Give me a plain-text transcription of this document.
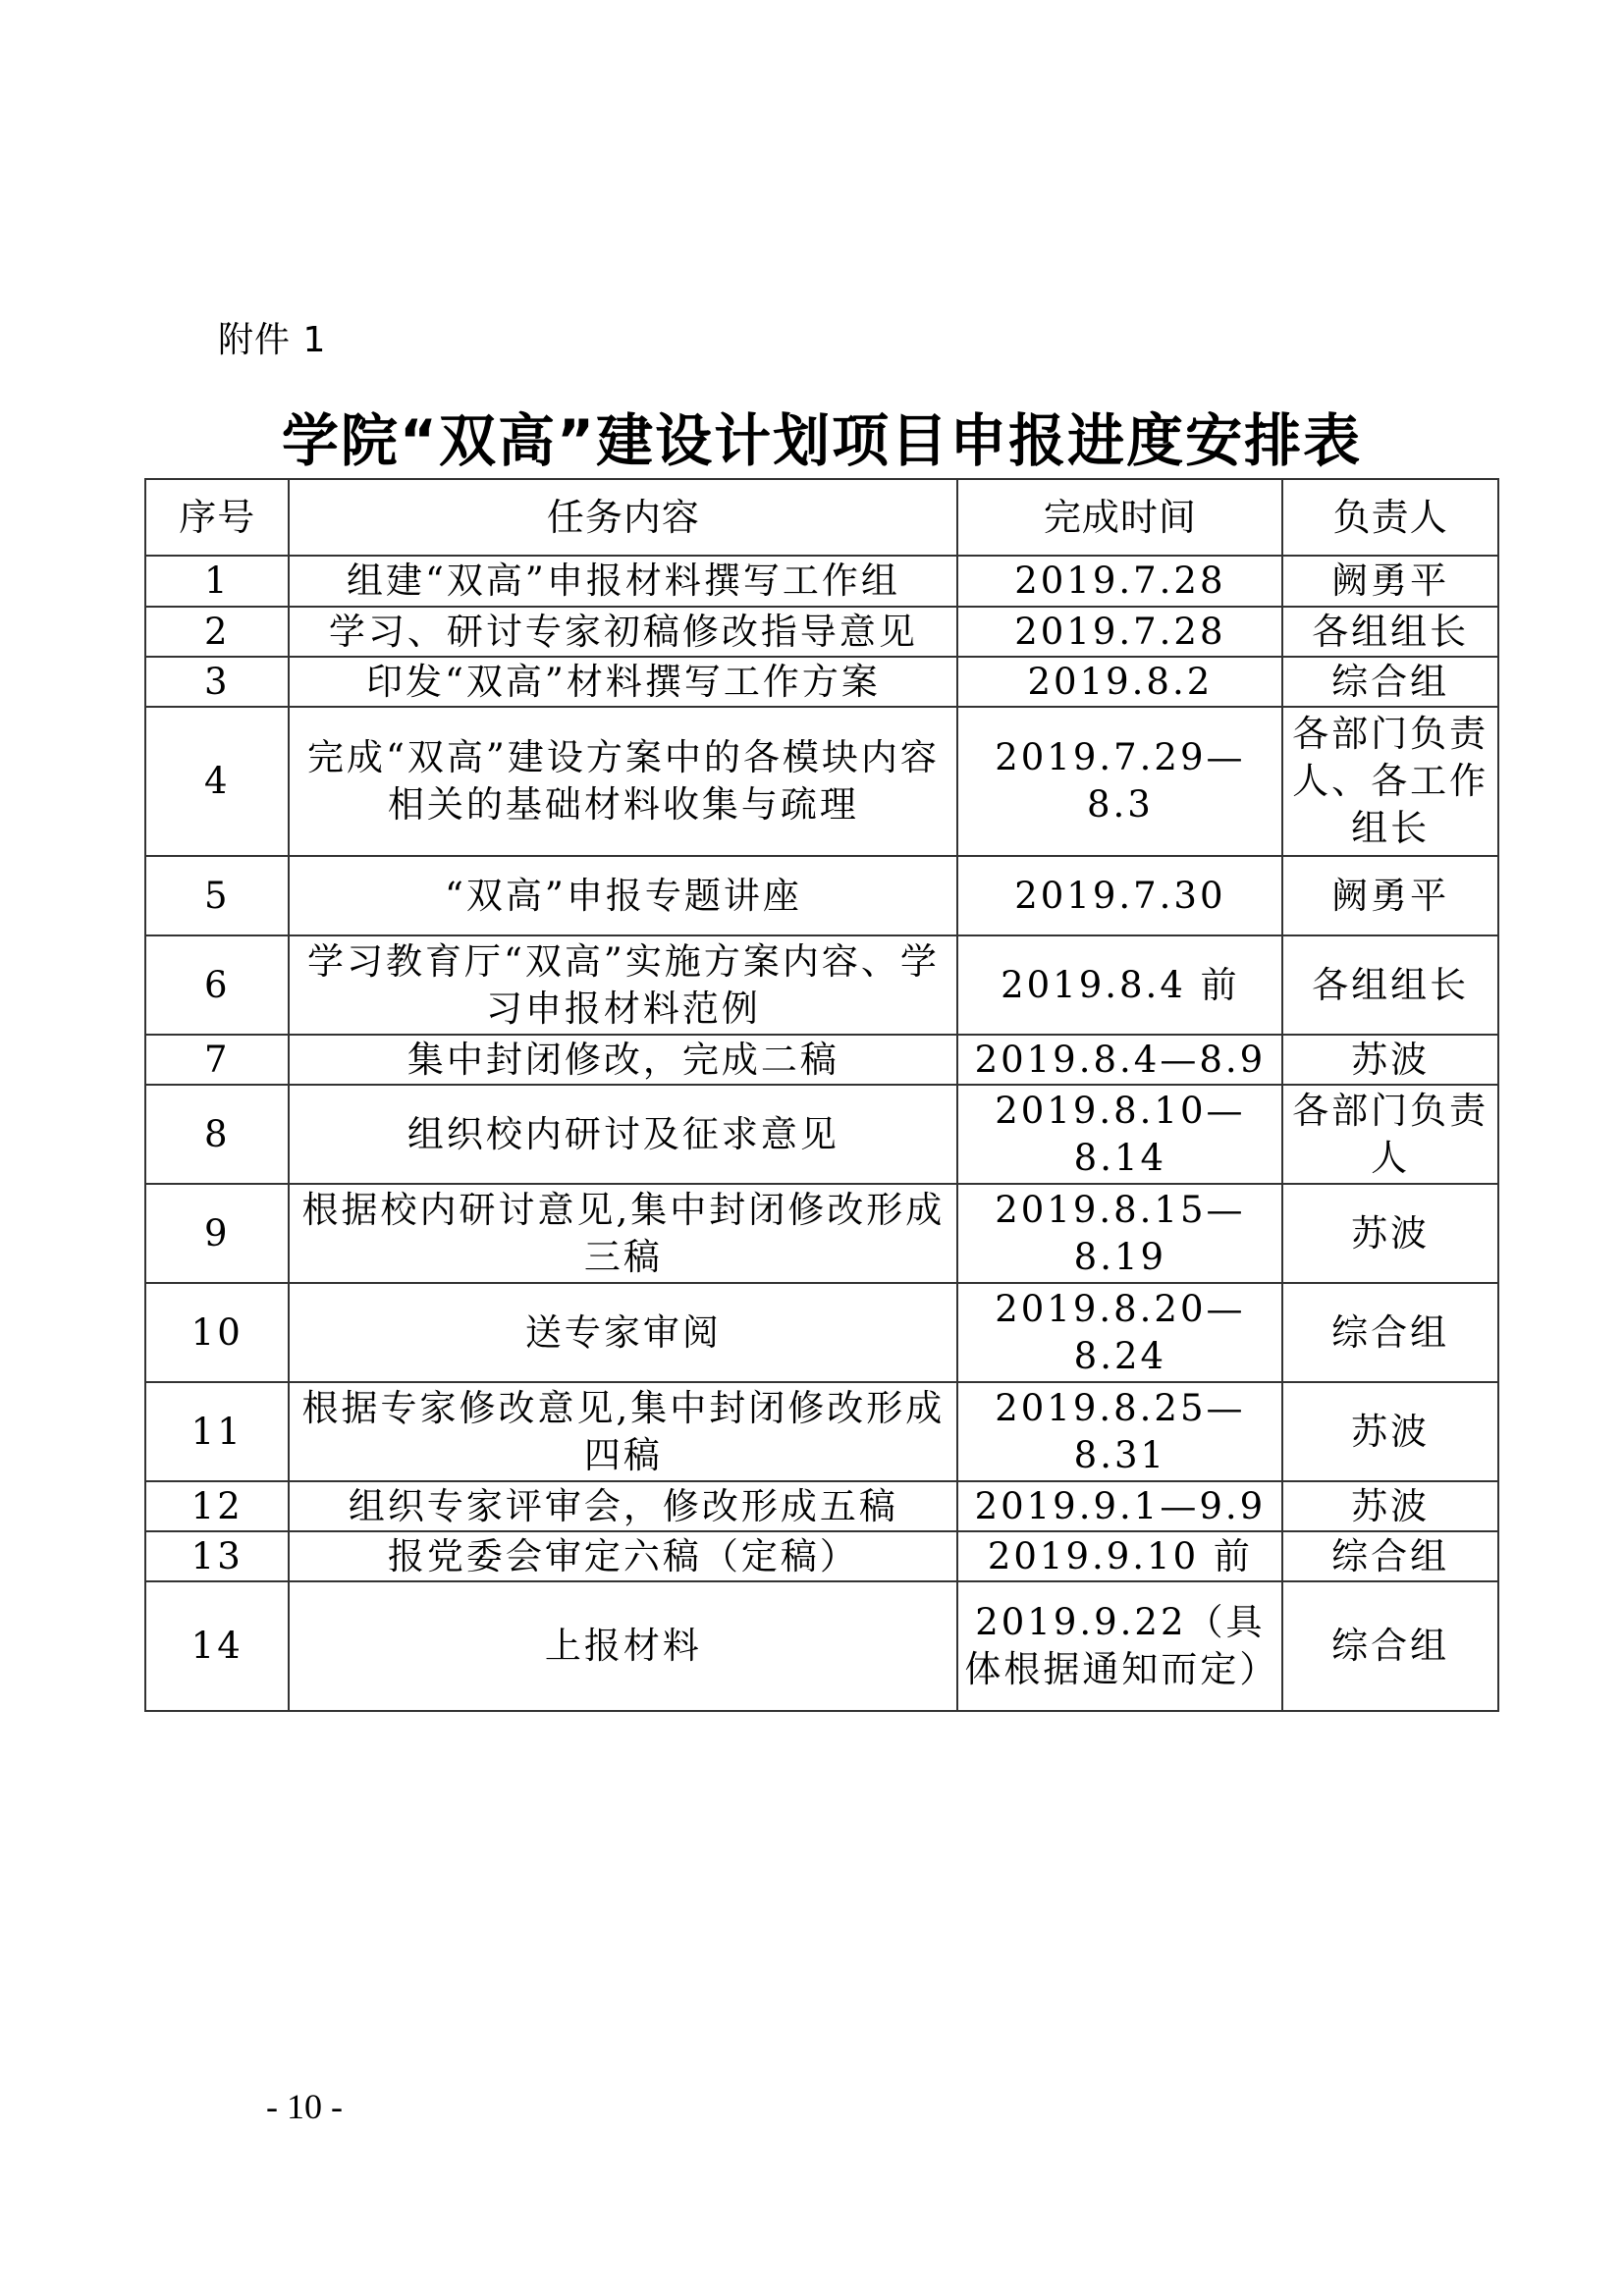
附件 1
学院“双高”建设计划项目申报进度安排表
序号	任务内容	完成时间	负责人
1	组建“双高”申报材料撰写工作组	2019.7.28	阙勇平
2	学习、研讨专家初稿修改指导意见	2019.7.28	各组组长
3	印发“双高”材料撰写工作方案	2019.8.2	综合组
4	完成“双高”建设方案中的各模块内容相关的基础材料收集与疏理	2019.7.29—8.3	各部门负责人、各工作组长
5	“双高”申报专题讲座	2019.7.30	阙勇平
6	学习教育厅“双高”实施方案内容、学习申报材料范例	2019.8.4 前	各组组长
7	集中封闭修改，完成二稿	2019.8.4—8.9	苏波
8	组织校内研讨及征求意见	2019.8.10—8.14	各部门负责人
9	根据校内研讨意见,集中封闭修改形成三稿	2019.8.15—8.19	苏波
10	送专家审阅	2019.8.20—8.24	综合组
11	根据专家修改意见,集中封闭修改形成四稿	2019.8.25—8.31	苏波
12	组织专家评审会，修改形成五稿	2019.9.1—9.9	苏波
13	报党委会审定六稿（定稿）	2019.9.10 前	综合组
14	上报材料	2019.9.22（具体根据通知而定）	综合组
- 10 -
